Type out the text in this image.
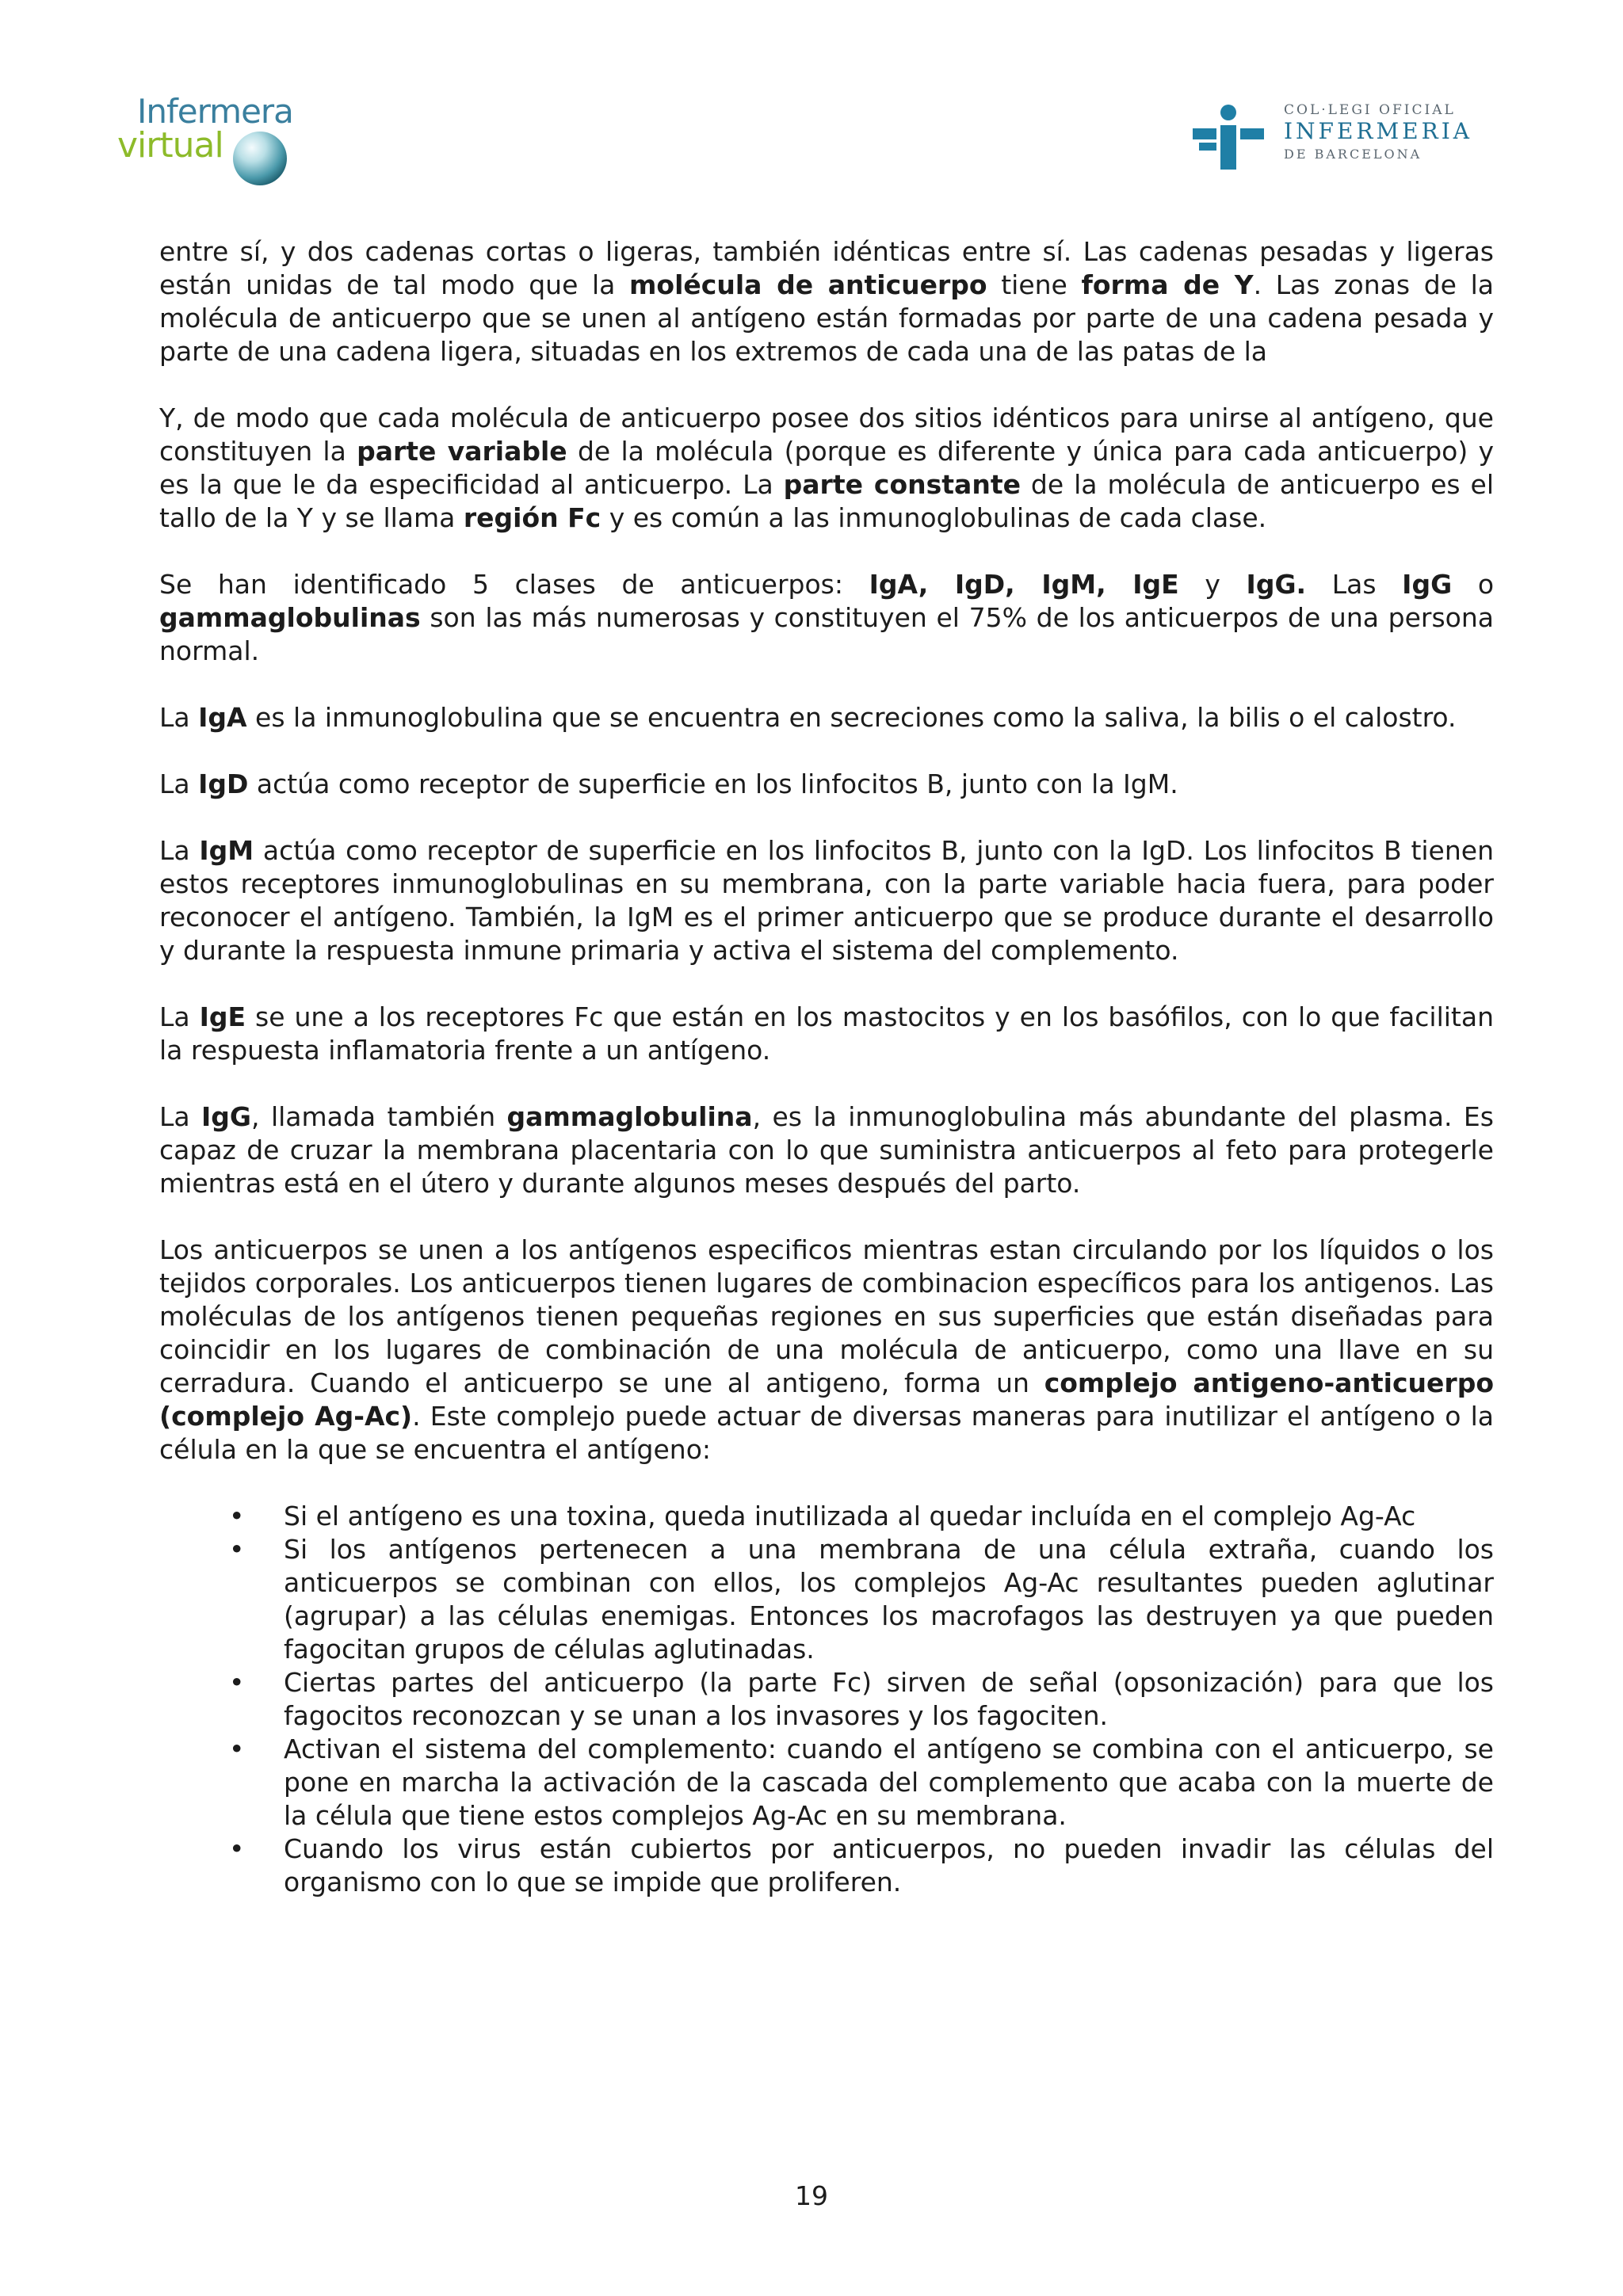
Infermera
virtual
COL·LEGI OFICIAL
INFERMERIA
DE BARCELONA

entre sí, y dos cadenas cortas o ligeras, también idénticas entre sí. Las cadenas pesadas y ligeras están unidas de tal modo que la molécula de anticuerpo tiene forma de Y. Las zonas de la molécula de anticuerpo que se unen al antígeno están formadas por parte de una cadena pesada y parte de una cadena ligera, situadas en los extremos de cada una de las patas de la

Y, de modo que cada molécula de anticuerpo posee dos sitios idénticos para unirse al antígeno, que constituyen la parte variable de la molécula (porque es diferente y única para cada anticuerpo) y es la que le da especificidad al anticuerpo. La parte constante de la molécula de anticuerpo es el tallo de la Y y se llama región Fc y es común a las inmunoglobulinas de cada clase.

Se han identificado 5 clases de anticuerpos: IgA, IgD, IgM, IgE y IgG. Las IgG o gammaglobulinas son las más numerosas y constituyen el 75% de los anticuerpos de una persona normal.

La IgA es la inmunoglobulina que se encuentra en secreciones como la saliva, la bilis o el calostro.

La IgD actúa como receptor de superficie en los linfocitos B, junto con la IgM.

La IgM actúa como receptor de superficie en los linfocitos B, junto con la IgD. Los linfocitos B tienen estos receptores inmunoglobulinas en su membrana, con la parte variable hacia fuera, para poder reconocer el antígeno. También, la IgM es el primer anticuerpo que se produce durante el desarrollo y durante la respuesta inmune primaria y activa el sistema del complemento.

La IgE se une a los receptores Fc que están en los mastocitos y en los basófilos, con lo que facilitan la respuesta inflamatoria frente a un antígeno.

La IgG, llamada también gammaglobulina, es la inmunoglobulina más abundante del plasma. Es capaz de cruzar la membrana placentaria con lo que suministra anticuerpos al feto para protegerle mientras está en el útero y durante algunos meses después del parto.

Los anticuerpos se unen a los antígenos especificos mientras estan circulando por los líquidos o los tejidos corporales. Los anticuerpos tienen lugares de combinacion específicos para los antigenos. Las moléculas de los antígenos tienen pequeñas regiones en sus superficies que están diseñadas para coincidir en los lugares de combinación de una molécula de anticuerpo, como una llave en su cerradura. Cuando el anticuerpo se une al antigeno, forma un complejo antigeno-anticuerpo (complejo Ag-Ac). Este complejo puede actuar de diversas maneras para inutilizar el antígeno o la célula en la que se encuentra el antígeno:

• Si el antígeno es una toxina, queda inutilizada al quedar incluída en el complejo Ag-Ac
• Si los antígenos pertenecen a una membrana de una célula extraña, cuando los anticuerpos se combinan con ellos, los complejos Ag-Ac resultantes pueden aglutinar (agrupar) a las células enemigas. Entonces los macrofagos las destruyen ya que pueden fagocitan grupos de células aglutinadas.
• Ciertas partes del anticuerpo (la parte Fc) sirven de señal (opsonización) para que los fagocitos reconozcan y se unan a los invasores y los fagociten.
• Activan el sistema del complemento: cuando el antígeno se combina con el anticuerpo, se pone en marcha la activación de la cascada del complemento que acaba con la muerte de la célula que tiene estos complejos Ag-Ac en su membrana.
• Cuando los virus están cubiertos por anticuerpos, no pueden invadir las células del organismo con lo que se impide que proliferen.
19
